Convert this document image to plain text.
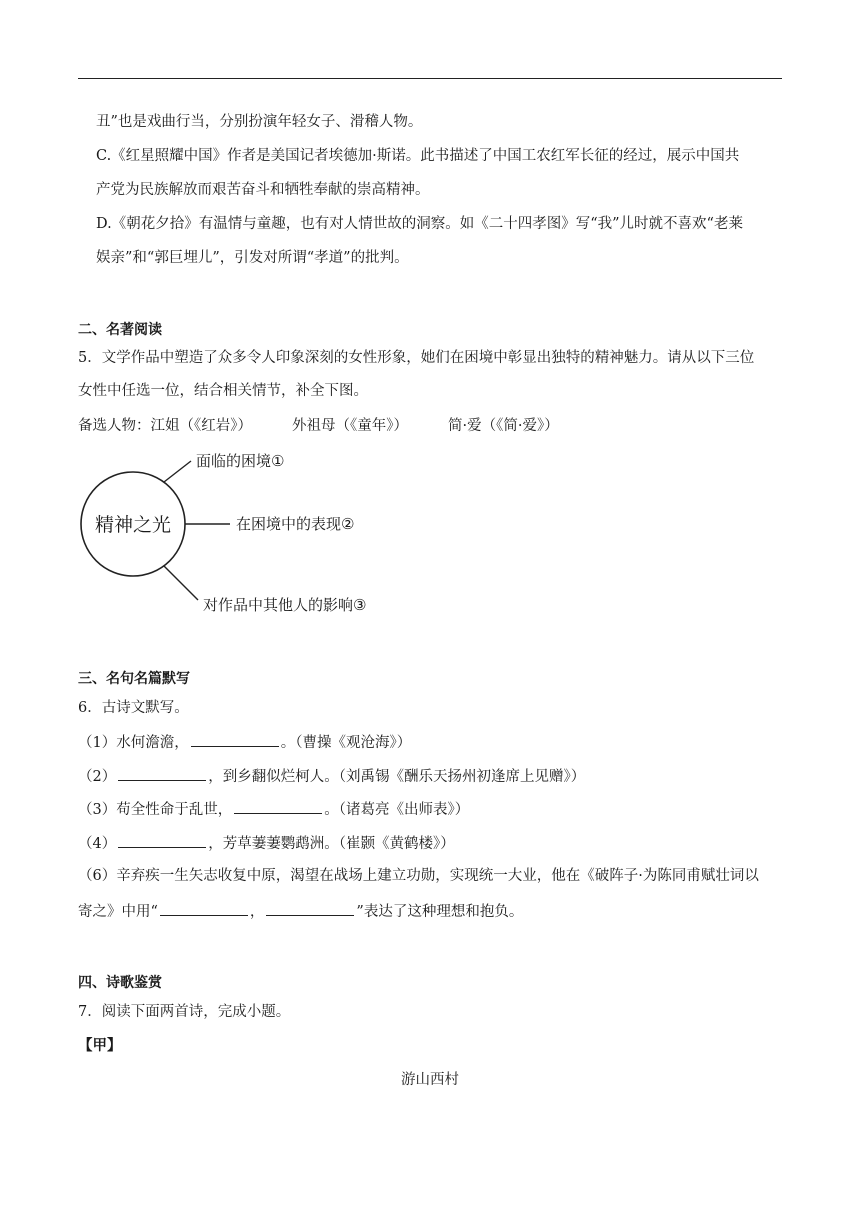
丑”也是戏曲行当，分别扮演年轻女子、滑稽人物。
C.《红星照耀中国》作者是美国记者埃德加·斯诺。此书描述了中国工农红军长征的经过，展示中国共
产党为民族解放而艰苦奋斗和牺牲奉献的崇高精神。
D.《朝花夕拾》有温情与童趣，也有对人情世故的洞察。如《二十四孝图》写“我”儿时就不喜欢“老莱
娱亲”和“郭巨埋儿”，引发对所谓“孝道”的批判。
二、名著阅读
5．文学作品中塑造了众多令人印象深刻的女性形象，她们在困境中彰显出独特的精神魅力。请从以下三位
女性中任选一位，结合相关情节，补全下图。
备选人物：江姐（《红岩》）	外祖母（《童年》）	简·爱（《简·爱》）
精神之光
面临的困境①
在困境中的表现②
对作品中其他人的影响③
三、名句名篇默写
6．古诗文默写。
（1）水何澹澹，	。（曹操《观沧海》）
（2）	，到乡翻似烂柯人。（刘禹锡《酬乐天扬州初逢席上见赠》）
（3）苟全性命于乱世，	。（诸葛亮《出师表》）
（4）	，芳草萋萋鹦鹉洲。（崔颢《黄鹤楼》）
（6）辛弃疾一生矢志收复中原，渴望在战场上建立功勋，实现统一大业，他在《破阵子·为陈同甫赋壮词以
寄之》中用“	，	”表达了这种理想和抱负。
四、诗歌鉴赏
7．阅读下面两首诗，完成小题。
【甲】
游山西村
